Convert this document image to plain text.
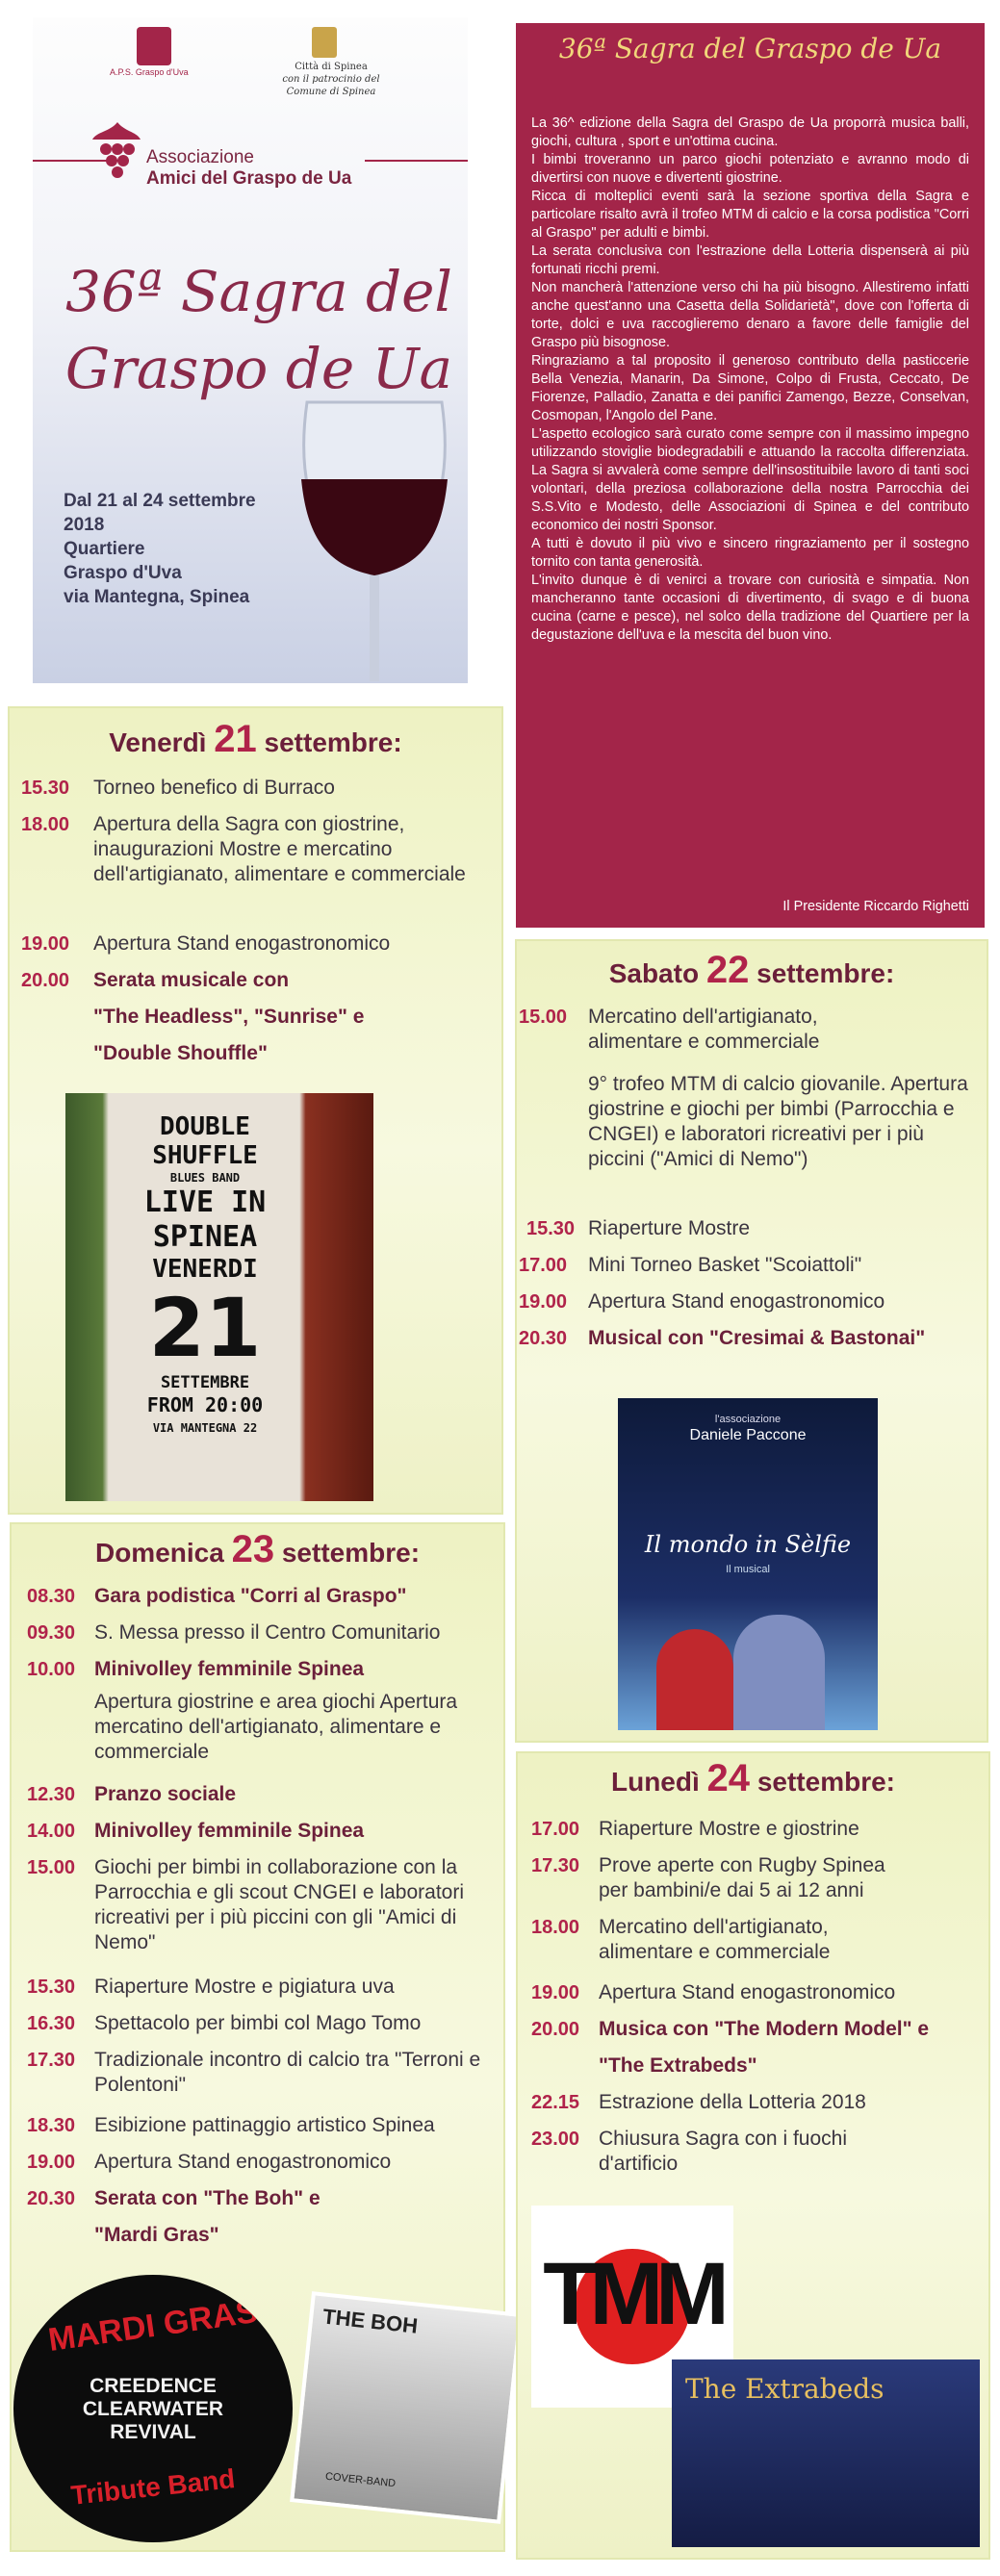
A.P.S. Graspo d'Uva	Città di Spinea
con il patrocinio del
Comune di Spinea
Associazione
Amici del Graspo de Ua
36ª Sagra del Graspo de Ua
Dal 21 al 24 settembre 2018
Quartiere
Graspo d'Uva
via Mantegna, Spinea
36ª Sagra del Graspo de Ua
La 36^ edizione della Sagra del Graspo de Ua proporrà musica balli, giochi, cultura , sport e un'ottima cucina.
I bimbi troveranno un parco giochi potenziato e avranno modo di divertirsi con nuove e divertenti giostrine.
Ricca di molteplici eventi sarà la sezione sportiva della Sagra e particolare risalto avrà il trofeo MTM di calcio e la corsa podistica "Corri al Graspo" per adulti e bimbi.
La serata conclusiva con l'estrazione della Lotteria dispenserà ai più fortunati ricchi premi.
Non mancherà l'attenzione verso chi ha più bisogno. Allestiremo infatti anche quest'anno una Casetta della Solidarietà", dove con l'offerta di torte, dolci e uva raccoglieremo denaro a favore delle famiglie del Graspo più bisognose.
Ringraziamo a tal proposito il generoso contributo della pasticcerie Bella Venezia, Manarin, Da Simone, Colpo di Frusta, Ceccato, De Fiorenze, Palladio, Zanatta e dei panifici Zamengo, Bezze, Conselvan, Cosmopan, l'Angolo del Pane.
L'aspetto ecologico sarà curato come sempre con il massimo impegno utilizzando stoviglie biodegradabili e attuando la raccolta differenziata. La Sagra si avvalerà come sempre dell'insostituibile lavoro di tanti soci volontari, della preziosa collaborazione della nostra Parrocchia dei S.S.Vito e Modesto, delle Associazioni di Spinea e del contributo economico dei nostri Sponsor.
A tutti è dovuto il più vivo e sincero ringraziamento per il sostegno tornito con tanta generosità.
L'invito dunque è di venirci a trovare con curiosità e simpatia. Non mancheranno tante occasioni di divertimento, di svago e di buona cucina (carne e pesce), nel solco della tradizione del Quartiere per la degustazione dell'uva e la mescita del buon vino.
Il Presidente Riccardo Righetti
Venerdì 21 settembre:
15.30 Torneo benefico di Burraco
18.00 Apertura della Sagra con giostrine, inaugurazioni Mostre e mercatino dell'artigianato, alimentare e commerciale
19.00 Apertura Stand enogastronomico
20.00 Serata musicale con
"The Headless", "Sunrise" e
"Double Shouffle"
DOUBLE
SHUFFLE
BLUES BAND
LIVE IN
SPINEA
VENERDI
21
SETTEMBRE
FROM 20:00
VIA MANTEGNA 22
Sabato 22 settembre:
15.00 Mercatino dell'artigianato, alimentare e commerciale
9° trofeo MTM di calcio giovanile. Apertura giostrine e giochi per bimbi (Parrocchia e CNGEI) e laboratori ricreativi per i più piccini ("Amici di Nemo")
15.30 Riaperture Mostre
17.00 Mini Torneo Basket "Scoiattoli"
19.00 Apertura Stand enogastronomico
20.30 Musical con "Cresimai & Bastonai"
l'associazione
Daniele Paccone
Il mondo in Sèlfie
Il musical
Domenica 23 settembre:
08.30 Gara podistica "Corri al Graspo"
09.30 S. Messa presso il Centro Comunitario
10.00 Minivolley femminile Spinea
Apertura giostrine e area giochi Apertura mercatino dell'artigianato, alimentare e commerciale
12.30 Pranzo sociale
14.00 Minivolley femminile Spinea
15.00 Giochi per bimbi in collaborazione con la Parrocchia e gli scout CNGEI e laboratori ricreativi per i più piccini con gli "Amici di Nemo"
15.30 Riaperture Mostre e pigiatura uva
16.30 Spettacolo per bimbi col Mago Tomo
17.30 Tradizionale incontro di calcio tra "Terroni e Polentoni"
18.30 Esibizione pattinaggio artistico Spinea
19.00 Apertura Stand enogastronomico
20.30 Serata con "The Boh" e
"Mardi Gras"
MARDI GRAS
CREEDENCE CLEARWATER REVIVAL
Tribute Band
THE BOH
COVER-BAND
Lunedì 24 settembre:
17.00 Riaperture Mostre e giostrine
17.30 Prove aperte con Rugby Spinea per bambini/e dai 5 ai 12 anni
18.00 Mercatino dell'artigianato, alimentare e commerciale
19.00 Apertura Stand enogastronomico
20.00 Musica con "The Modern Model" e
"The Extrabeds"
22.15 Estrazione della Lotteria 2018
23.00 Chiusura Sagra con i fuochi d'artificio
TMM
The Extrabeds
